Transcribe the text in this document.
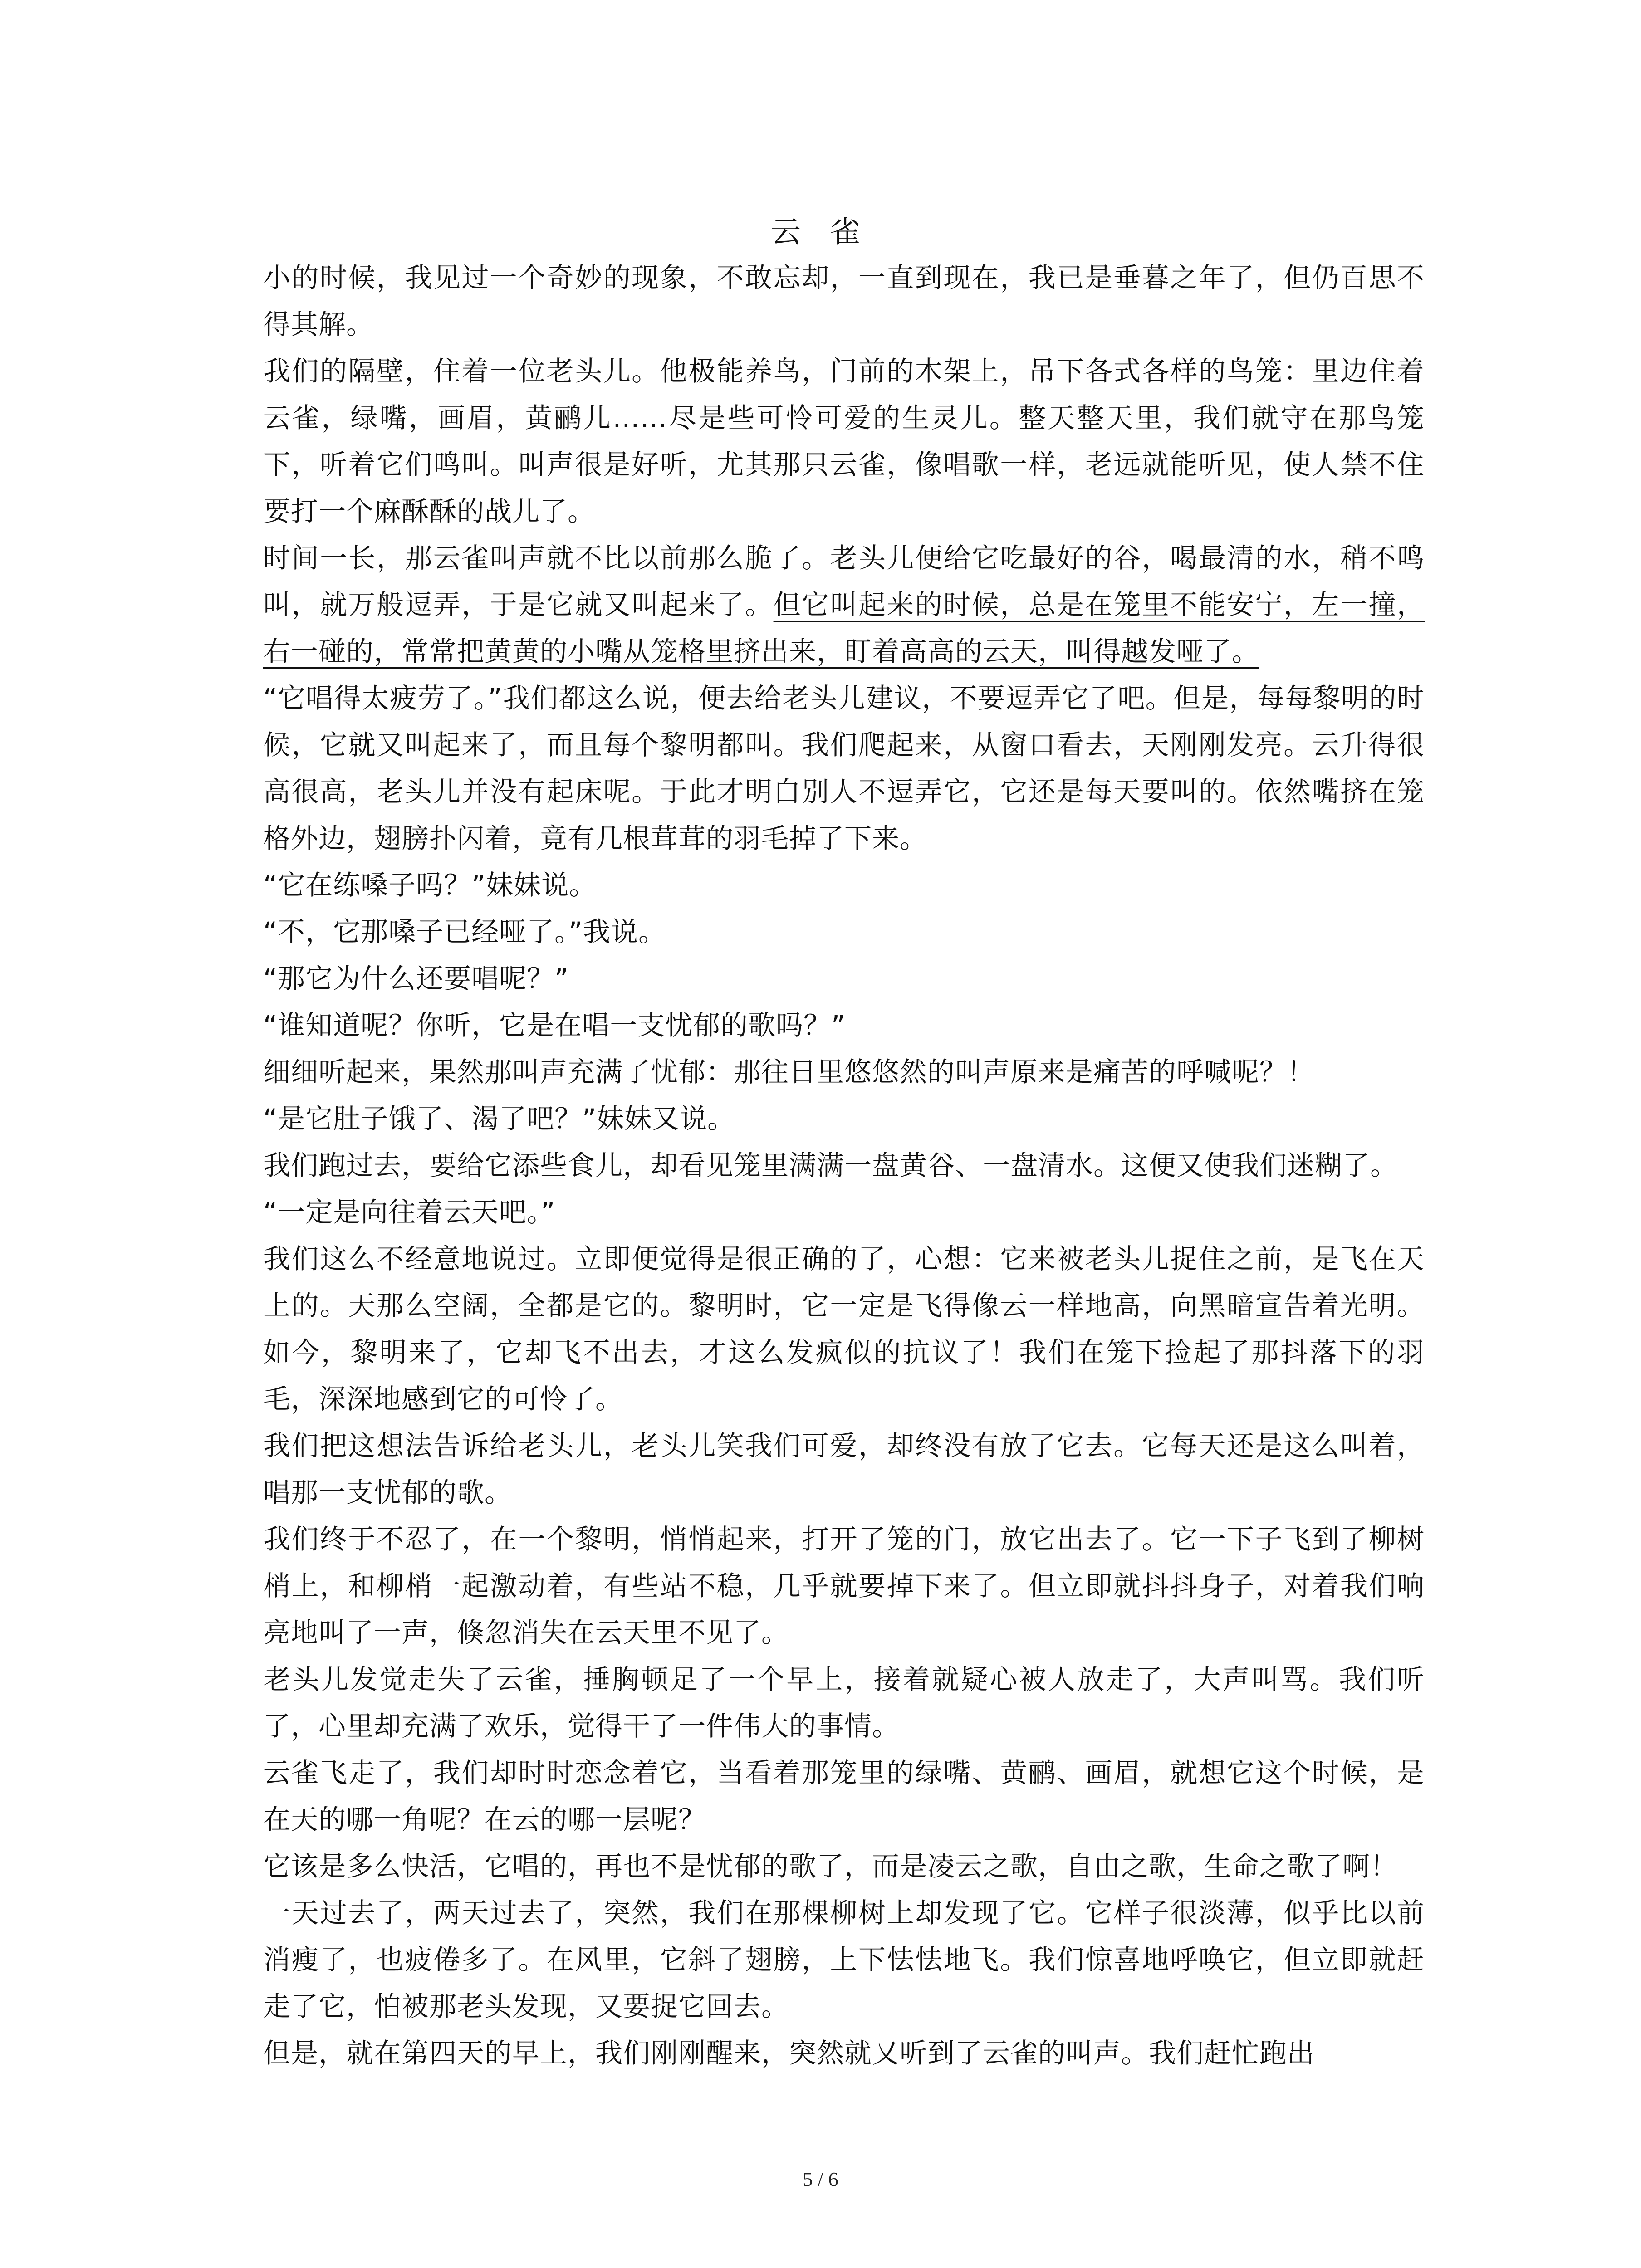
云 雀

小的时候，我见过一个奇妙的现象，不敢忘却，一直到现在，我已是垂暮之年了，但仍百思不得其解。

我们的隔壁，住着一位老头儿。他极能养鸟，门前的木架上，吊下各式各样的鸟笼：里边住着云雀，绿嘴，画眉，黄鹂儿……尽是些可怜可爱的生灵儿。整天整天里，我们就守在那鸟笼下，听着它们鸣叫。叫声很是好听，尤其那只云雀，像唱歌一样，老远就能听见，使人禁不住要打一个麻酥酥的战儿了。

时间一长，那云雀叫声就不比以前那么脆了。老头儿便给它吃最好的谷，喝最清的水，稍不鸣叫，就万般逗弄，于是它就又叫起来了。但它叫起来的时候，总是在笼里不能安宁，左一撞，右一碰的，常常把黄黄的小嘴从笼格里挤出来，盯着高高的云天，叫得越发哑了。

“它唱得太疲劳了。”我们都这么说，便去给老头儿建议，不要逗弄它了吧。但是，每每黎明的时候，它就又叫起来了，而且每个黎明都叫。我们爬起来，从窗口看去，天刚刚发亮。云升得很高很高，老头儿并没有起床呢。于此才明白别人不逗弄它，它还是每天要叫的。依然嘴挤在笼格外边，翅膀扑闪着，竟有几根茸茸的羽毛掉了下来。

“它在练嗓子吗？”妹妹说。

“不，它那嗓子已经哑了。”我说。

“那它为什么还要唱呢？”

“谁知道呢？你听，它是在唱一支忧郁的歌吗？”

细细听起来，果然那叫声充满了忧郁：那往日里悠悠然的叫声原来是痛苦的呼喊呢？！

“是它肚子饿了、渴了吧？”妹妹又说。

我们跑过去，要给它添些食儿，却看见笼里满满一盘黄谷、一盘清水。这便又使我们迷糊了。

“一定是向往着云天吧。”

我们这么不经意地说过。立即便觉得是很正确的了，心想：它来被老头儿捉住之前，是飞在天上的。天那么空阔，全都是它的。黎明时，它一定是飞得像云一样地高，向黑暗宣告着光明。如今，黎明来了，它却飞不出去，才这么发疯似的抗议了！我们在笼下捡起了那抖落下的羽毛，深深地感到它的可怜了。

我们把这想法告诉给老头儿，老头儿笑我们可爱，却终没有放了它去。它每天还是这么叫着，唱那一支忧郁的歌。

我们终于不忍了，在一个黎明，悄悄起来，打开了笼的门，放它出去了。它一下子飞到了柳树梢上，和柳梢一起激动着，有些站不稳，几乎就要掉下来了。但立即就抖抖身子，对着我们响亮地叫了一声，倏忽消失在云天里不见了。

老头儿发觉走失了云雀，捶胸顿足了一个早上，接着就疑心被人放走了，大声叫骂。我们听了，心里却充满了欢乐，觉得干了一件伟大的事情。

云雀飞走了，我们却时时恋念着它，当看着那笼里的绿嘴、黄鹂、画眉，就想它这个时候，是在天的哪一角呢？在云的哪一层呢？

它该是多么快活，它唱的，再也不是忧郁的歌了，而是凌云之歌，自由之歌，生命之歌了啊！

一天过去了，两天过去了，突然，我们在那棵柳树上却发现了它。它样子很淡薄，似乎比以前消瘦了，也疲倦多了。在风里，它斜了翅膀，上下怯怯地飞。我们惊喜地呼唤它，但立即就赶走了它，怕被那老头发现，又要捉它回去。

但是，就在第四天的早上，我们刚刚醒来，突然就又听到了云雀的叫声。我们赶忙跑出

5 / 6
